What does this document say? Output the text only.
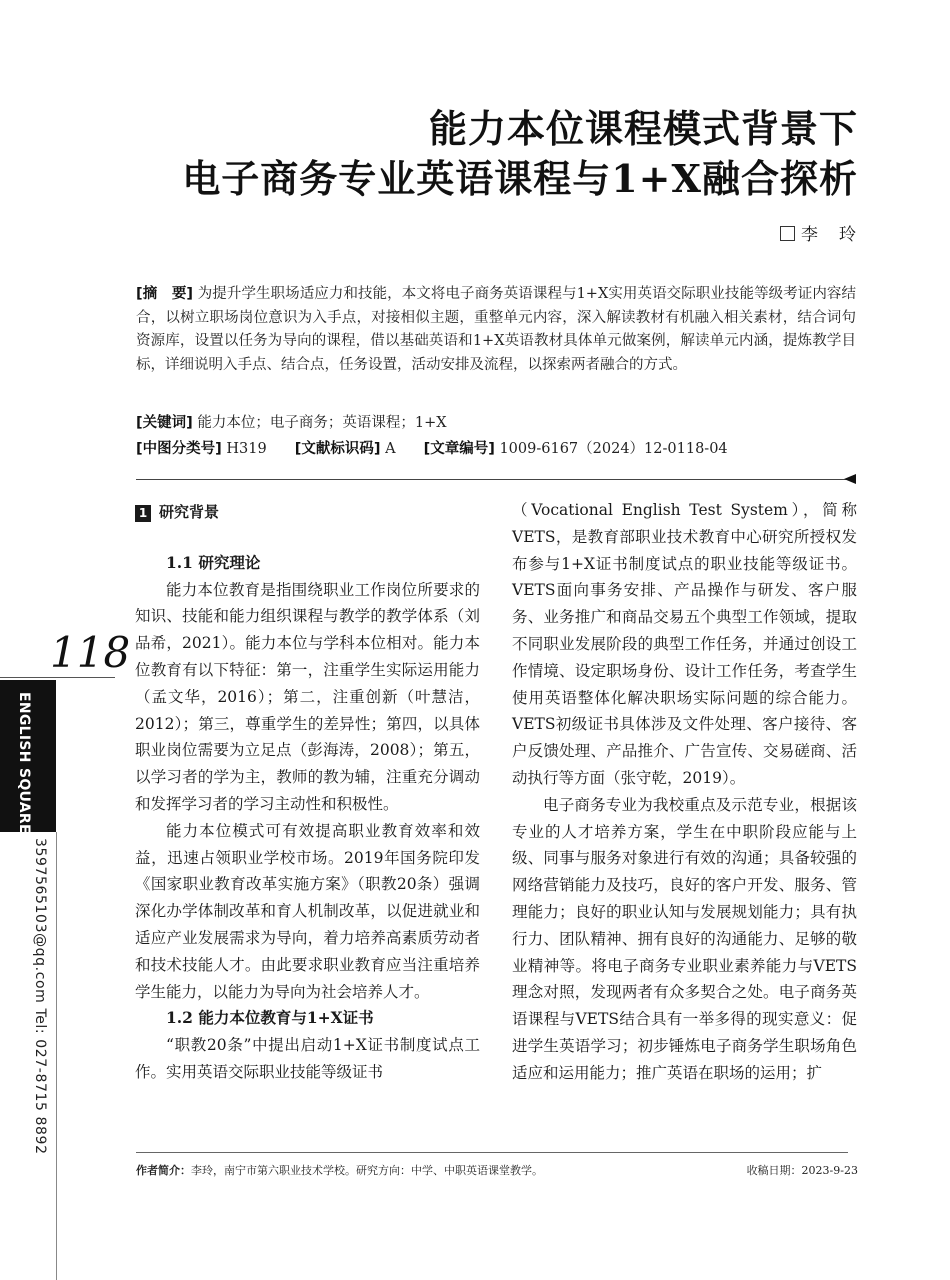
能力本位课程模式背景下
电子商务专业英语课程与1+X融合探析
李　玲
[摘　要] 为提升学生职场适应力和技能，本文将电子商务英语课程与1+X实用英语交际职业技能等级考证内容结合，以树立职场岗位意识为入手点，对接相似主题，重整单元内容，深入解读教材有机融入相关素材，结合词句资源库，设置以任务为导向的课程，借以基础英语和1+X英语教材具体单元做案例，解读单元内涵，提炼教学目标，详细说明入手点、结合点，任务设置，活动安排及流程，以探索两者融合的方式。
[关键词] 能力本位；电子商务；英语课程；1+X
[中图分类号] H319 [文献标识码] A [文章编号] 1009-6167（2024）12-0118-04
1 研究背景

1.1 研究理论

能力本位教育是指围绕职业工作岗位所要求的知识、技能和能力组织课程与教学的教学体系（刘品希，2021）。能力本位与学科本位相对。能力本位教育有以下特征：第一，注重学生实际运用能力（孟文华，2016）；第二，注重创新（叶慧洁，2012）；第三，尊重学生的差异性；第四，以具体职业岗位需要为立足点（彭海涛，2008）；第五，以学习者的学为主，教师的教为辅，注重充分调动和发挥学习者的学习主动性和积极性。

能力本位模式可有效提高职业教育效率和效益，迅速占领职业学校市场。2019年国务院印发《国家职业教育改革实施方案》（职教20条）强调深化办学体制改革和育人机制改革，以促进就业和适应产业发展需求为导向，着力培养高素质劳动者和技术技能人才。由此要求职业教育应当注重培养学生能力，以能力为导向为社会培养人才。

1.2 能力本位教育与1+X证书

“职教20条”中提出启动1+X证书制度试点工作。实用英语交际职业技能等级证书

（Vocational English Test System），简称VETS，是教育部职业技术教育中心研究所授权发布参与1+X证书制度试点的职业技能等级证书。VETS面向事务安排、产品操作与研发、客户服务、业务推广和商品交易五个典型工作领域，提取不同职业发展阶段的典型工作任务，并通过创设工作情境、设定职场身份、设计工作任务，考查学生使用英语整体化解决职场实际问题的综合能力。VETS初级证书具体涉及文件处理、客户接待、客户反馈处理、产品推介、广告宣传、交易磋商、活动执行等方面（张守乾，2019）。

电子商务专业为我校重点及示范专业，根据该专业的人才培养方案，学生在中职阶段应能与上级、同事与服务对象进行有效的沟通；具备较强的网络营销能力及技巧，良好的客户开发、服务、管理能力；良好的职业认知与发展规划能力；具有执行力、团队精神、拥有良好的沟通能力、足够的敬业精神等。将电子商务专业职业素养能力与VETS理念对照，发现两者有众多契合之处。电子商务英语课程与VETS结合具有一举多得的现实意义：促进学生英语学习；初步锤炼电子商务学生职场角色适应和运用能力；推广英语在职场的运用；扩

118
ENGLISH SQUARE
3597565103@qq.com Tel: 027-8715 8892
作者简介：李玲，南宁市第六职业技术学校。研究方向：中学、中职英语课堂教学。	收稿日期：2023-9-23
